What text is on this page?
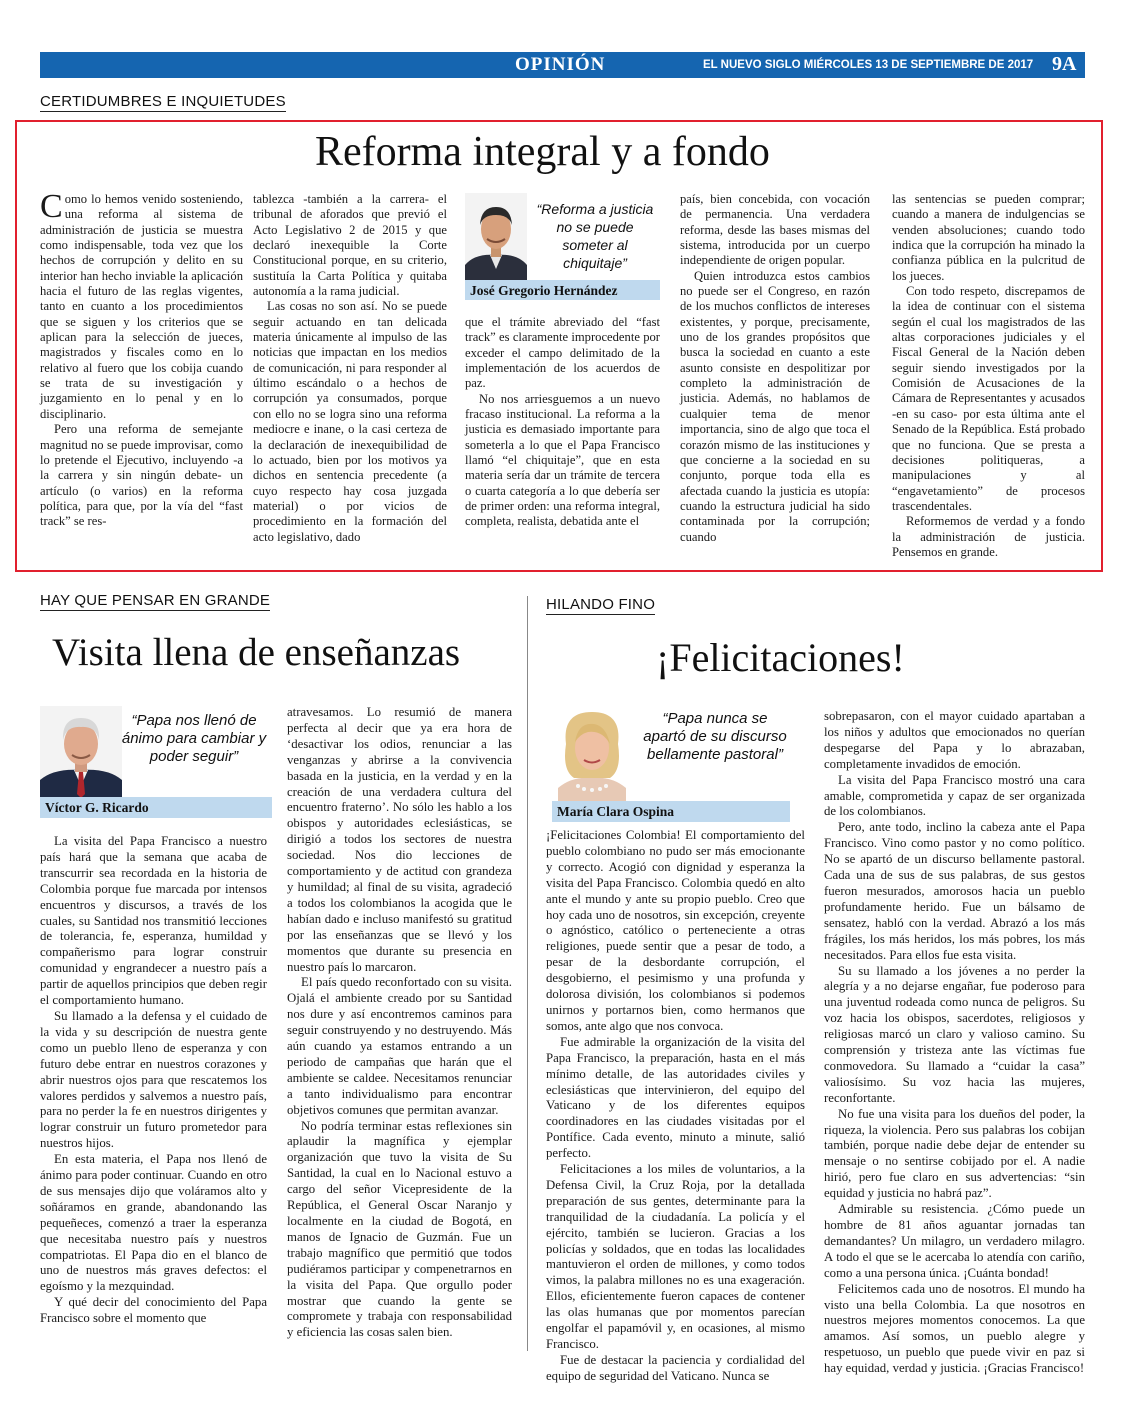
OPINIÓN	EL NUEVO SIGLO MIÉRCOLES 13 DE SEPTIEMBRE DE 2017 9A
CERTIDUMBRES E INQUIETUDES
Reforma integral y a fondo

Como lo hemos venido sosteniendo, una reforma al sistema de administración de justicia se muestra como indispensable, toda vez que los hechos de corrupción y delito en su interior han hecho inviable la aplicación hacia el futuro de las reglas vigentes, tanto en cuanto a los procedimientos que se siguen y los criterios que se aplican para la selección de jueces, magistrados y fiscales como en lo relativo al fuero que los cobija cuando se trata de su investigación y juzgamiento en lo penal y en lo disciplinario.

Pero una reforma de semejante magnitud no se puede improvisar, como lo pretende el Ejecutivo, incluyendo -a la carrera y sin ningún debate- un artículo (o varios) en la reforma política, para que, por la vía del “fast track” se res-

tablezca -también a la carrera- el tribunal de aforados que previó el Acto Legislativo 2 de 2015 y que declaró inexequible la Corte Constitucional porque, en su criterio, sustituía la Carta Política y quitaba autonomía a la rama judicial.

Las cosas no son así. No se puede seguir actuando en tan delicada materia únicamente al impulso de las noticias que impactan en los medios de comunicación, ni para responder al último escándalo o a hechos de corrupción ya consumados, porque con ello no se logra sino una reforma mediocre e inane, o la casi certeza de la declaración de inexequibilidad de lo actuado, bien por los motivos ya dichos en sentencia precedente (a cuyo respecto hay cosa juzgada material) o por vicios de procedimiento en la formación del acto legislativo, dado

“Reforma a justicia no se puede someter al chiquitaje”
José Gregorio Hernández

que el trámite abreviado del “fast track” es claramente improcedente por exceder el campo delimitado de la implementación de los acuerdos de paz.

No nos arriesguemos a un nuevo fracaso institucional. La reforma a la justicia es demasiado importante para someterla a lo que el Papa Francisco llamó “el chiquitaje”, que en esta materia sería dar un trámite de tercera o cuarta categoría a lo que debería ser de primer orden: una reforma integral, completa, realista, debatida ante el

país, bien concebida, con vocación de permanencia. Una verdadera reforma, desde las bases mismas del sistema, introducida por un cuerpo independiente de origen popular.

Quien introduzca estos cambios no puede ser el Congreso, en razón de los muchos conflictos de intereses existentes, y porque, precisamente, uno de los grandes propósitos que busca la sociedad en cuanto a este asunto consiste en despolitizar por completo la administración de justicia. Además, no hablamos de cualquier tema de menor importancia, sino de algo que toca el corazón mismo de las instituciones y que concierne a la sociedad en su conjunto, porque toda ella es afectada cuando la justicia es utopía: cuando la estructura judicial ha sido contaminada por la corrupción; cuando

las sentencias se pueden comprar; cuando a manera de indulgencias se venden absoluciones; cuando todo indica que la corrupción ha minado la confianza pública en la pulcritud de los jueces.

Con todo respeto, discrepamos de la idea de continuar con el sistema según el cual los magistrados de las altas corporaciones judiciales y el Fiscal General de la Nación deben seguir siendo investigados por la Comisión de Acusaciones de la Cámara de Representantes y acusados -en su caso- por esta última ante el Senado de la República. Está probado que no funciona. Que se presta a decisiones politiqueras, a manipulaciones y al “engavetamiento” de procesos trascendentales.

Reformemos de verdad y a fondo la administración de justicia. Pensemos en grande.

HAY QUE PENSAR EN GRANDE
Visita llena de enseñanzas
“Papa nos llenó de ánimo para cambiar y poder seguir”
Víctor G. Ricardo

La visita del Papa Francisco a nuestro país hará que la semana que acaba de transcurrir sea recordada en la historia de Colombia porque fue marcada por intensos encuentros y discursos, a través de los cuales, su Santidad nos transmitió lecciones de tolerancia, fe, esperanza, humildad y compañerismo para lograr construir comunidad y engrandecer a nuestro país a partir de aquellos principios que deben regir el comportamiento humano.

Su llamado a la defensa y el cuidado de la vida y su descripción de nuestra gente como un pueblo lleno de esperanza y con futuro debe entrar en nuestros corazones y abrir nuestros ojos para que rescatemos los valores perdidos y salvemos a nuestro país, para no perder la fe en nuestros dirigentes y lograr construir un futuro prometedor para nuestros hijos.

En esta materia, el Papa nos llenó de ánimo para poder continuar. Cuando en otro de sus mensajes dijo que voláramos alto y soñáramos en grande, abandonando las pequeñeces, comenzó a traer la esperanza que necesitaba nuestro país y nuestros compatriotas. El Papa dio en el blanco de uno de nuestros más graves defectos: el egoísmo y la mezquindad.

Y qué decir del conocimiento del Papa Francisco sobre el momento que

atravesamos. Lo resumió de manera perfecta al decir que ya era hora de ‘desactivar los odios, renunciar a las venganzas y abrirse a la convivencia basada en la justicia, en la verdad y en la creación de una verdadera cultura del encuentro fraterno’. No sólo les hablo a los obispos y autoridades eclesiásticas, se dirigió a todos los sectores de nuestra sociedad. Nos dio lecciones de comportamiento y de actitud con grandeza y humildad; al final de su visita, agradeció a todos los colombianos la acogida que le habían dado e incluso manifestó su gratitud por las enseñanzas que se llevó y los momentos que durante su presencia en nuestro país lo marcaron.

El país quedo reconfortado con su visita. Ojalá el ambiente creado por su Santidad nos dure y así encontremos caminos para seguir construyendo y no destruyendo. Más aún cuando ya estamos entrando a un periodo de campañas que harán que el ambiente se caldee. Necesitamos renunciar a tanto individualismo para encontrar objetivos comunes que permitan avanzar.

No podría terminar estas reflexiones sin aplaudir la magnífica y ejemplar organización que tuvo la visita de Su Santidad, la cual en lo Nacional estuvo a cargo del señor Vicepresidente de la República, el General Oscar Naranjo y localmente en la ciudad de Bogotá, en manos de Ignacio de Guzmán. Fue un trabajo magnífico que permitió que todos pudiéramos participar y compenetrarnos en la visita del Papa. Que orgullo poder mostrar que cuando la gente se compromete y trabaja con responsabilidad y eficiencia las cosas salen bien.

HILANDO FINO
¡Felicitaciones!
“Papa nunca se apartó de su discurso bellamente pastoral”
María Clara Ospina

¡Felicitaciones Colombia! El comportamiento del pueblo colombiano no pudo ser más emocionante y correcto. Acogió con dignidad y esperanza la visita del Papa Francisco. Colombia quedó en alto ante el mundo y ante su propio pueblo. Creo que hoy cada uno de nosotros, sin excepción, creyente o agnóstico, católico o perteneciente a otras religiones, puede sentir que a pesar de todo, a pesar de la desbordante corrupción, el desgobierno, el pesimismo y una profunda y dolorosa división, los colombianos si podemos unirnos y portarnos bien, como hermanos que somos, ante algo que nos convoca.

Fue admirable la organización de la visita del Papa Francisco, la preparación, hasta en el más mínimo detalle, de las autoridades civiles y eclesiásticas que intervinieron, del equipo del Vaticano y de los diferentes equipos coordinadores en las ciudades visitadas por el Pontífice. Cada evento, minuto a minute, salió perfecto.

Felicitaciones a los miles de voluntarios, a la Defensa Civil, la Cruz Roja, por la detallada preparación de sus gentes, determinante para la tranquilidad de la ciudadanía. La policía y el ejército, también se lucieron. Gracias a los policías y soldados, que en todas las localidades mantuvieron el orden de millones, y como todos vimos, la palabra millones no es una exageración. Ellos, eficientemente fueron capaces de contener las olas humanas que por momentos parecían engolfar el papamóvil y, en ocasiones, al mismo Francisco.

Fue de destacar la paciencia y cordialidad del equipo de seguridad del Vaticano. Nunca se

sobrepasaron, con el mayor cuidado apartaban a los niños y adultos que emocionados no querían despegarse del Papa y lo abrazaban, completamente invadidos de emoción.

La visita del Papa Francisco mostró una cara amable, comprometida y capaz de ser organizada de los colombianos.

Pero, ante todo, inclino la cabeza ante el Papa Francisco. Vino como pastor y no como político. No se apartó de un discurso bellamente pastoral. Cada una de sus de sus palabras, de sus gestos fueron mesurados, amorosos hacia un pueblo profundamente herido. Fue un bálsamo de sensatez, habló con la verdad. Abrazó a los más frágiles, los más heridos, los más pobres, los más necesitados. Para ellos fue esta visita.

Su su llamado a los jóvenes a no perder la alegría y a no dejarse engañar, fue poderoso para una juventud rodeada como nunca de peligros. Su voz hacia los obispos, sacerdotes, religiosos y religiosas marcó un claro y valioso camino. Su comprensión y tristeza ante las víctimas fue conmovedora. Su llamado a “cuidar la casa” valiosísimo. Su voz hacia las mujeres, reconfortante.

No fue una visita para los dueños del poder, la riqueza, la violencia. Pero sus palabras los cobijan también, porque nadie debe dejar de entender su mensaje o no sentirse cobijado por el. A nadie hirió, pero fue claro en sus advertencias: “sin equidad y justicia no habrá paz”.

Admirable su resistencia. ¿Cómo puede un hombre de 81 años aguantar jornadas tan demandantes? Un milagro, un verdadero milagro. A todo el que se le acercaba lo atendía con cariño, como a una persona única. ¡Cuánta bondad!

Felicitemos cada uno de nosotros. El mundo ha visto una bella Colombia. La que nosotros en nuestros mejores momentos conocemos. La que amamos. Así somos, un pueblo alegre y respetuoso, un pueblo que puede vivir en paz si hay equidad, verdad y justicia. ¡Gracias Francisco!
